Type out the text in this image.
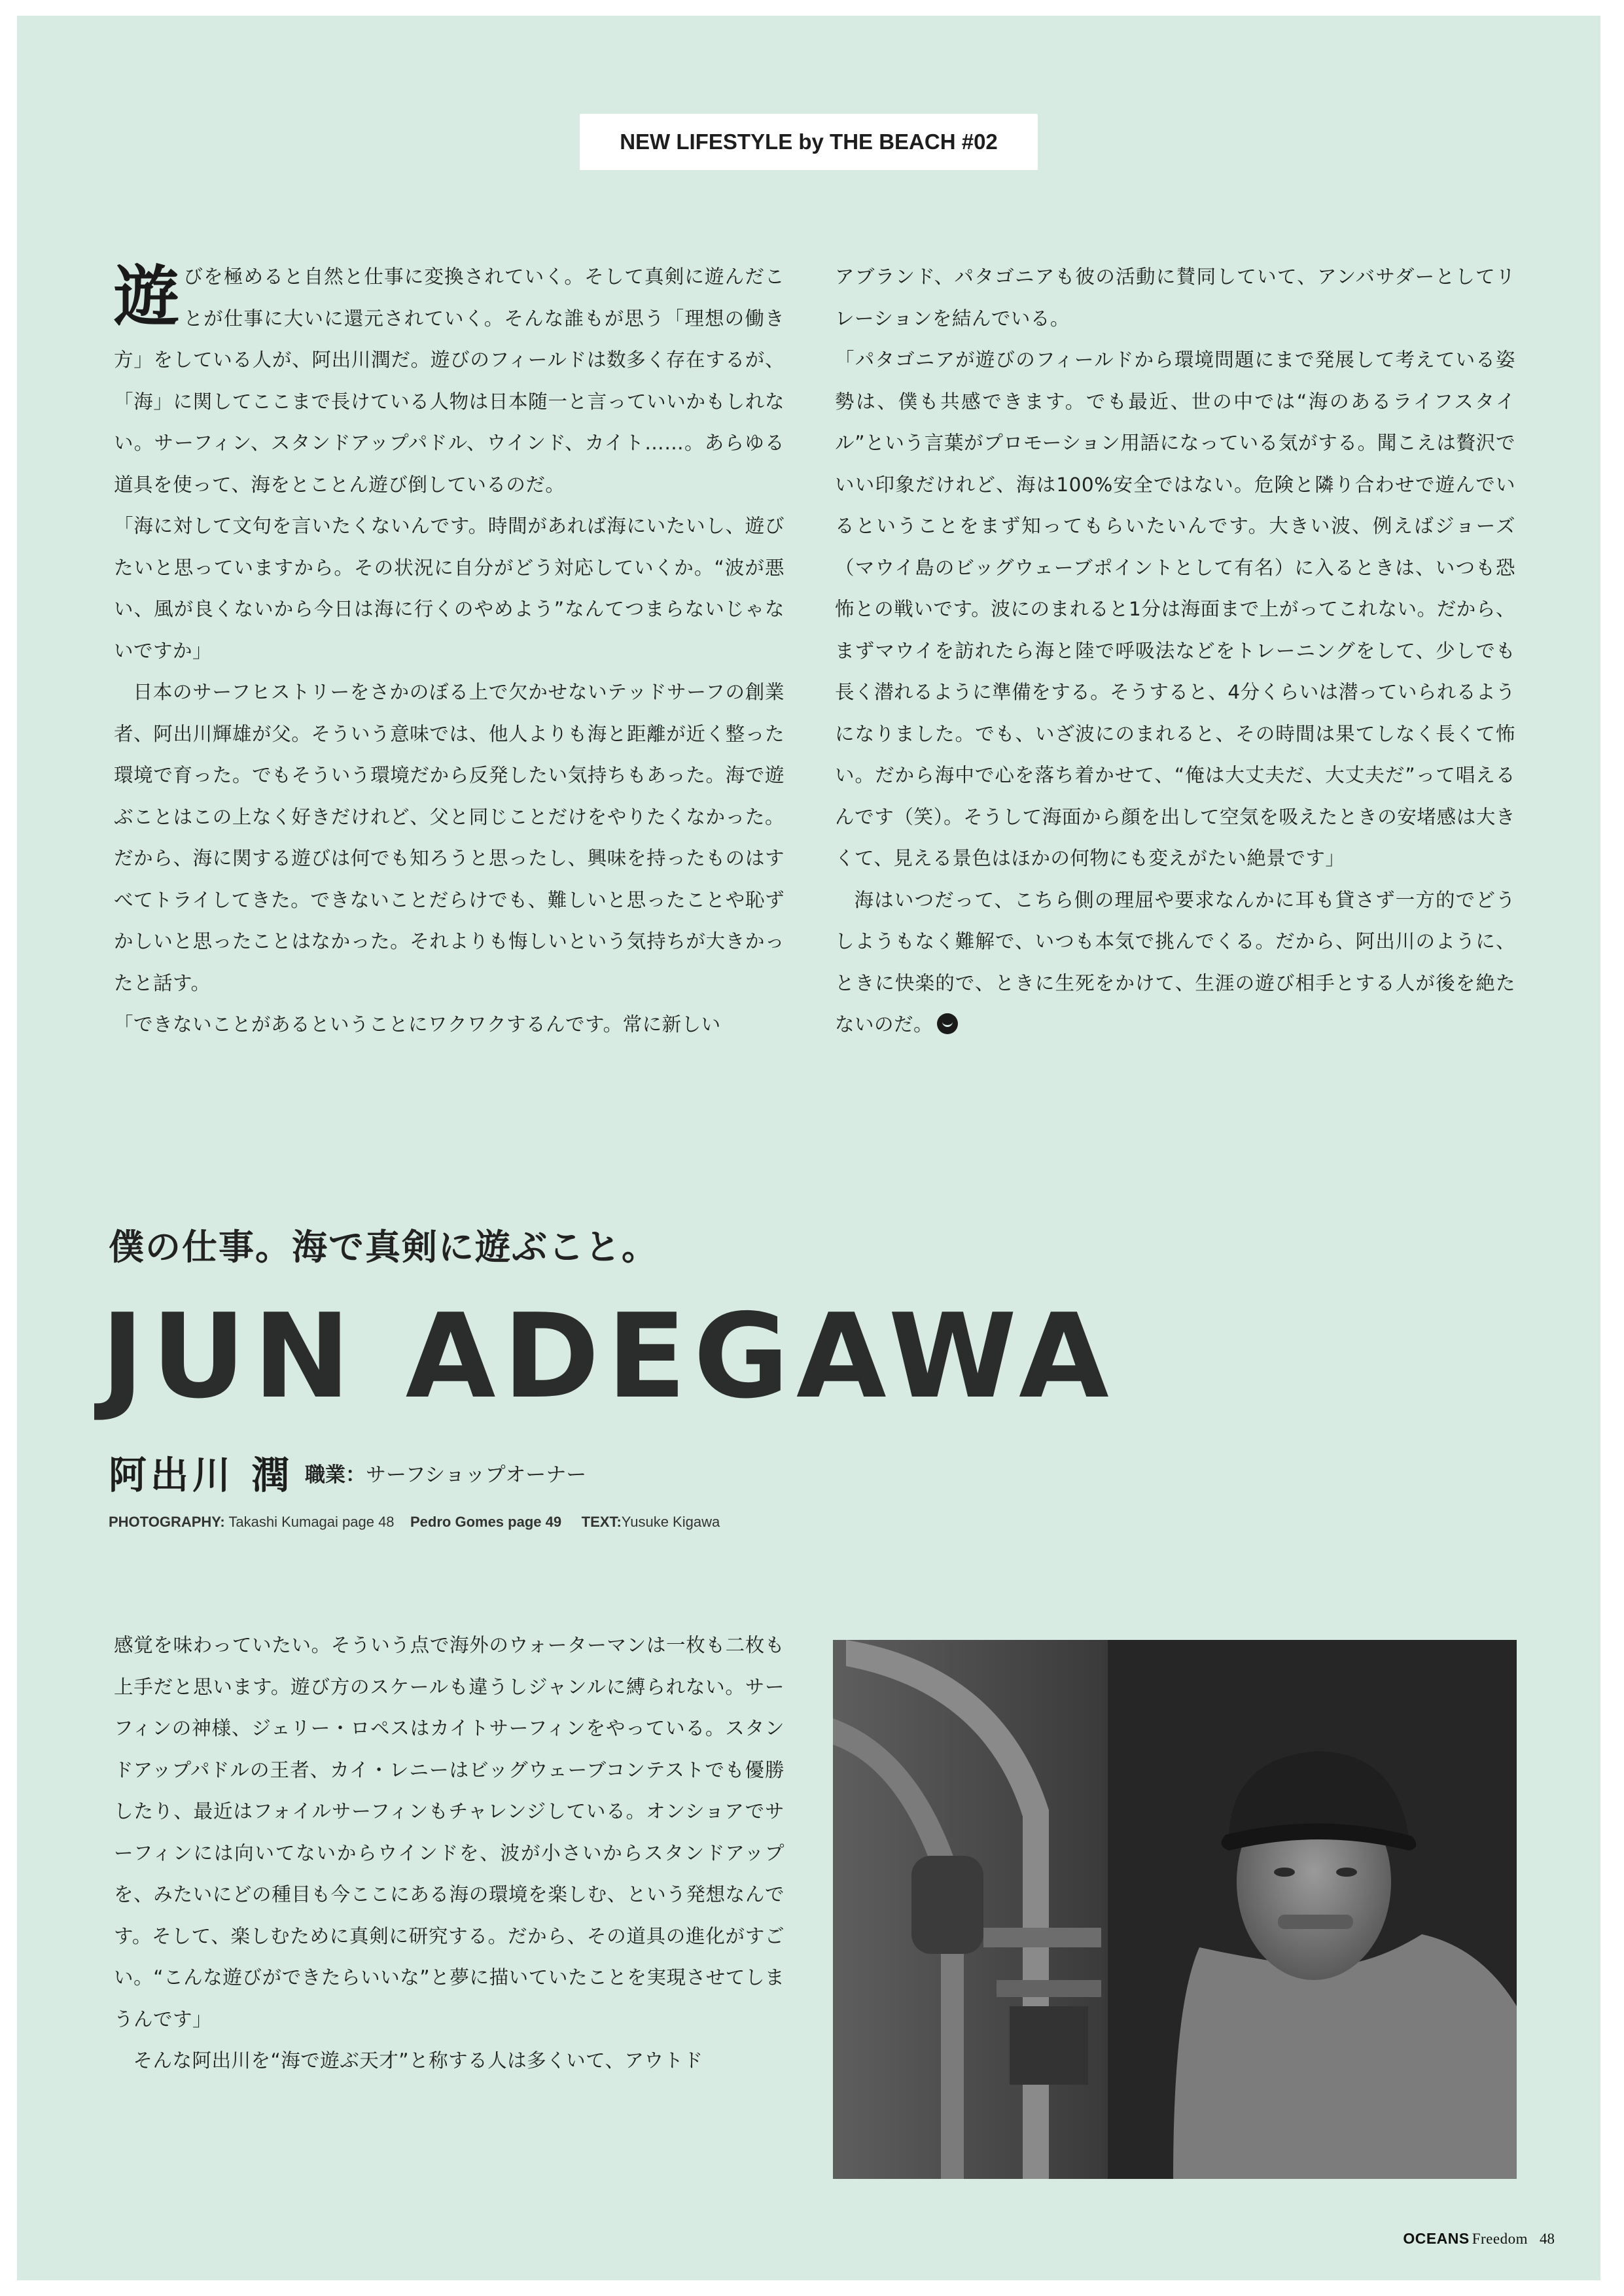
NEW LIFESTYLE by THE BEACH #02

遊びを極めると自然と仕事に変換されていく。そして真剣に遊んだことが仕事に大いに還元されていく。そんな誰もが思う「理想の働き方」をしている人が、阿出川潤だ。遊びのフィールドは数多く存在するが、「海」に関してここまで長けている人物は日本随一と言っていいかもしれない。サーフィン、スタンドアップパドル、ウインド、カイト……。あらゆる道具を使って、海をとことん遊び倒しているのだ。

「海に対して文句を言いたくないんです。時間があれば海にいたいし、遊びたいと思っていますから。その状況に自分がどう対応していくか。“波が悪い、風が良くないから今日は海に行くのやめよう”なんてつまらないじゃないですか」

日本のサーフヒストリーをさかのぼる上で欠かせないテッドサーフの創業者、阿出川輝雄が父。そういう意味では、他人よりも海と距離が近く整った環境で育った。でもそういう環境だから反発したい気持ちもあった。海で遊ぶことはこの上なく好きだけれど、父と同じことだけをやりたくなかった。だから、海に関する遊びは何でも知ろうと思ったし、興味を持ったものはすべてトライしてきた。できないことだらけでも、難しいと思ったことや恥ずかしいと思ったことはなかった。それよりも悔しいという気持ちが大きかったと話す。

「できないことがあるということにワクワクするんです。常に新しい

アブランド、パタゴニアも彼の活動に賛同していて、アンバサダーとしてリレーションを結んでいる。

「パタゴニアが遊びのフィールドから環境問題にまで発展して考えている姿勢は、僕も共感できます。でも最近、世の中では“海のあるライフスタイル”という言葉がプロモーション用語になっている気がする。聞こえは贅沢でいい印象だけれど、海は100%安全ではない。危険と隣り合わせで遊んでいるということをまず知ってもらいたいんです。大きい波、例えばジョーズ（マウイ島のビッグウェーブポイントとして有名）に入るときは、いつも恐怖との戦いです。波にのまれると1分は海面まで上がってこれない。だから、まずマウイを訪れたら海と陸で呼吸法などをトレーニングをして、少しでも長く潜れるように準備をする。そうすると、4分くらいは潜っていられるようになりました。でも、いざ波にのまれると、その時間は果てしなく長くて怖い。だから海中で心を落ち着かせて、“俺は大丈夫だ、大丈夫だ”って唱えるんです（笑）。そうして海面から顔を出して空気を吸えたときの安堵感は大きくて、見える景色はほかの何物にも変えがたい絶景です」

海はいつだって、こちら側の理屈や要求なんかに耳も貸さず一方的でどうしようもなく難解で、いつも本気で挑んでくる。だから、阿出川のように、ときに快楽的で、ときに生死をかけて、生涯の遊び相手とする人が後を絶たないのだ。

僕の仕事。海で真剣に遊ぶこと。
JUN ADEGAWA
阿出川 潤 職業：サーフショップオーナー
PHOTOGRAPHY: Takashi Kumagai page 48 Pedro Gomes page 49 TEXT:Yusuke Kigawa

感覚を味わっていたい。そういう点で海外のウォーターマンは一枚も二枚も上手だと思います。遊び方のスケールも違うしジャンルに縛られない。サーフィンの神様、ジェリー・ロペスはカイトサーフィンをやっている。スタンドアップパドルの王者、カイ・レニーはビッグウェーブコンテストでも優勝したり、最近はフォイルサーフィンもチャレンジしている。オンショアでサーフィンには向いてないからウインドを、波が小さいからスタンドアップを、みたいにどの種目も今ここにある海の環境を楽しむ、という発想なんです。そして、楽しむために真剣に研究する。だから、その道具の進化がすごい。“こんな遊びができたらいいな”と夢に描いていたことを実現させてしまうんです」

そんな阿出川を“海で遊ぶ天才”と称する人は多くいて、アウトド

OCEANS Freedom 48
